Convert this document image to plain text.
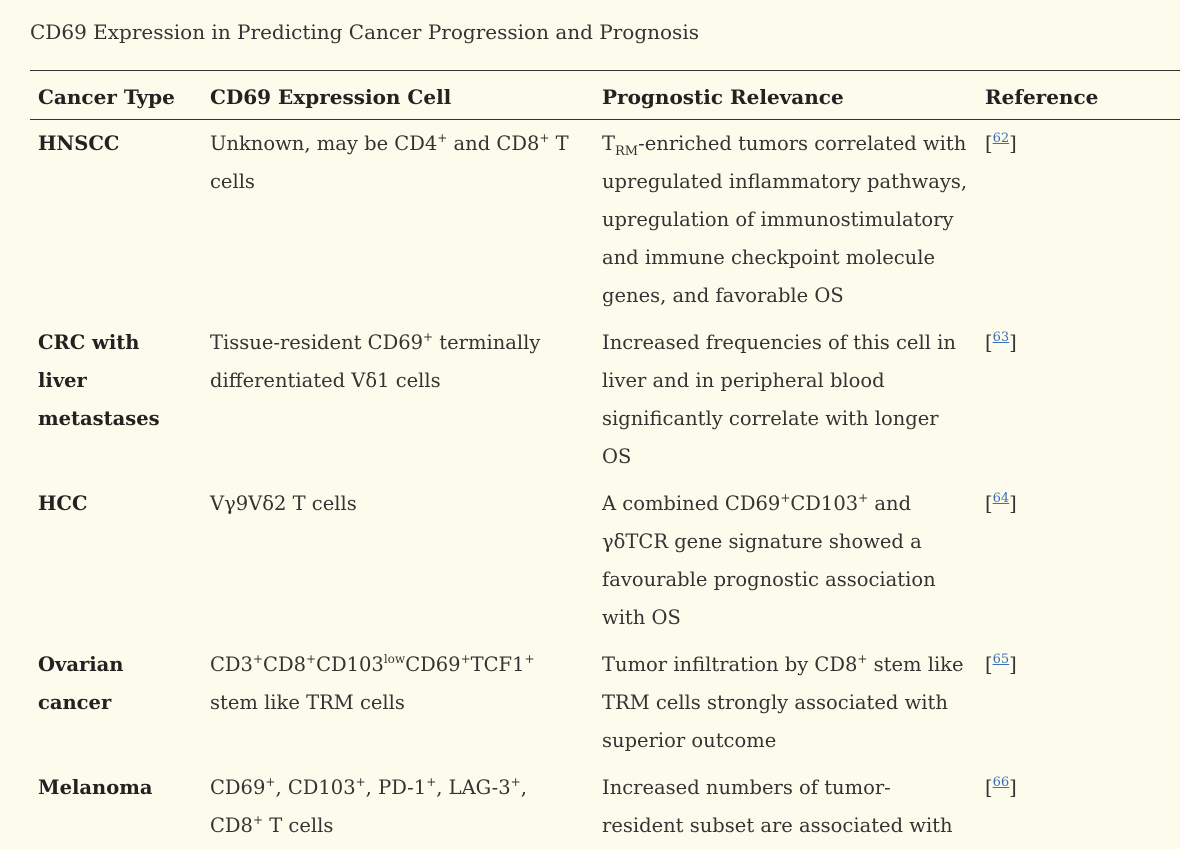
CD69 Expression in Predicting Cancer Progression and Prognosis
Cancer Type	CD69 Expression Cell	Prognostic Relevance	Reference
HNSCC	Unknown, may be CD4+ and CD8+ T cells	$T_{RM}$-enriched tumors correlated with upregulated inflammatory pathways, upregulation of immunostimulatory and immune checkpoint molecule genes, and favorable OS	[$^{62}$]
CRC with liver metastases	Tissue-resident CD69+ terminally differentiated Vδ1 cells	Increased frequencies of this cell in liver and in peripheral blood significantly correlate with longer OS	[$^{63}$]
HCC	Vγ9Vδ2 T cells	A combined CD69+CD103+ and γδTCR gene signature showed a favourable prognostic association with OS	[$^{64}$]
Ovarian cancer	$CD3^+CD8^+CD103^{low}CD69^+TCF1^+$ stem like TRM cells	Tumor infiltration by CD8+ stem like TRM cells strongly associated with superior outcome	[$^{65}$]
Melanoma	CD69+, CD103+, PD-1+, LAG-3+, CD8+ T cells	Increased numbers of tumor-resident subset are associated with	[$^{66}$]
